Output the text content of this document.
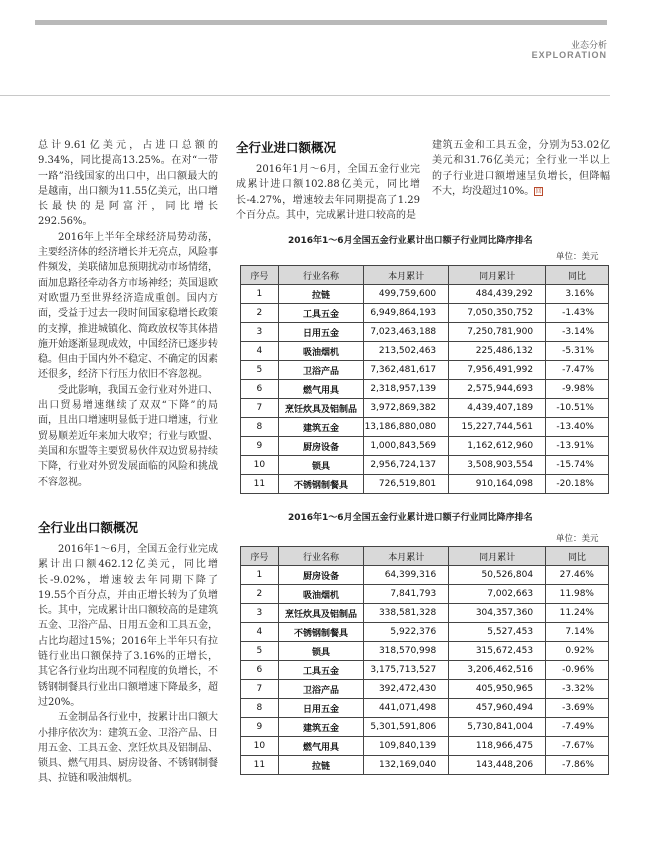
业态分析
EXPLORATION

总计9.61亿美元，占进口总额的9.34%，同比提高13.25%。在对“一带一路”沿线国家的出口中，出口额最大的是越南，出口额为11.55亿美元，出口增长最快的是阿富汗，同比增长292.56%。

2016年上半年全球经济局势动荡，主要经济体的经济增长并无亮点，风险事件频发，美联储加息预期扰动市场情绪，面加息路径牵动各方市场神经；英国退欧对欧盟乃至世界经济造成重创。国内方面，受益于过去一段时间国家稳增长政策的支撑，推进城镇化、简政放权等其体措施开始逐渐显现成效，中国经济已逐步转稳。但由于国内外不稳定、不确定的因素还很多，经济下行压力依旧不容忽视。

受此影响，我国五金行业对外进口、出口贸易增速继续了双双“下降”的局面，且出口增速明显低于进口增速，行业贸易顺差近年来加大收窄；行业与欧盟、美国和东盟等主要贸易伙伴双边贸易持续下降，行业对外贸发展面临的风险和挑战不容忽视。

全行业出口额概况

2016年1～6月，全国五金行业完成累计出口额462.12亿美元，同比增长-9.02%，增速较去年同期下降了19.55个百分点，并由正增长转为了负增长。其中，完成累计出口额较高的是建筑五金、卫浴产品、日用五金和工具五金，占比均超过15%；2016年上半年只有拉链行业出口额保持了3.16%的正增长，其它各行业均出现不同程度的负增长，不锈钢制餐具行业出口额增速下降最多，超过20%。

五金制品各行业中，按累计出口额大小排序依次为：建筑五金、卫浴产品、日用五金、工具五金、烹饪炊具及铝制品、锁具、燃气用具、厨房设备、不锈钢制餐具、拉链和吸油烟机。

全行业进口额概况

2016年1月～6月，全国五金行业完成累计进口额102.88亿美元，同比增长-4.27%，增速较去年同期提高了1.29个百分点。其中，完成累计进口较高的是

建筑五金和工具五金，分别为53.02亿美元和31.76亿美元；全行业一半以上的子行业进口额增速呈负增长，但降幅不大，均没超过10%。回

2016年1～6月全国五金行业累计出口额子行业同比降序排名
单位：美元
序号	行业名称	本月累计	同月累计	同比
1	拉链	499,759,600	484,439,292	3.16%
2	工具五金	6,949,864,193	7,050,350,752	-1.43%
3	日用五金	7,023,463,188	7,250,781,900	-3.14%
4	吸油烟机	213,502,463	225,486,132	-5.31%
5	卫浴产品	7,362,481,617	7,956,491,992	-7.47%
6	燃气用具	2,318,957,139	2,575,944,693	-9.98%
7	烹饪炊具及铝制品	3,972,869,382	4,439,407,189	-10.51%
8	建筑五金	13,186,880,080	15,227,744,561	-13.40%
9	厨房设备	1,000,843,569	1,162,612,960	-13.91%
10	锁具	2,956,724,137	3,508,903,554	-15.74%
11	不锈钢制餐具	726,519,801	910,164,098	-20.18%
2016年1～6月全国五金行业累计进口额子行业同比降序排名
单位：美元
序号	行业名称	本月累计	同月累计	同比
1	厨房设备	64,399,316	50,526,804	27.46%
2	吸油烟机	7,841,793	7,002,663	11.98%
3	烹饪炊具及铝制品	338,581,328	304,357,360	11.24%
4	不锈钢制餐具	5,922,376	5,527,453	7.14%
5	锁具	318,570,998	315,672,453	0.92%
6	工具五金	3,175,713,527	3,206,462,516	-0.96%
7	卫浴产品	392,472,430	405,950,965	-3.32%
8	日用五金	441,071,498	457,960,494	-3.69%
9	建筑五金	5,301,591,806	5,730,841,004	-7.49%
10	燃气用具	109,840,139	118,966,475	-7.67%
11	拉链	132,169,040	143,448,206	-7.86%
